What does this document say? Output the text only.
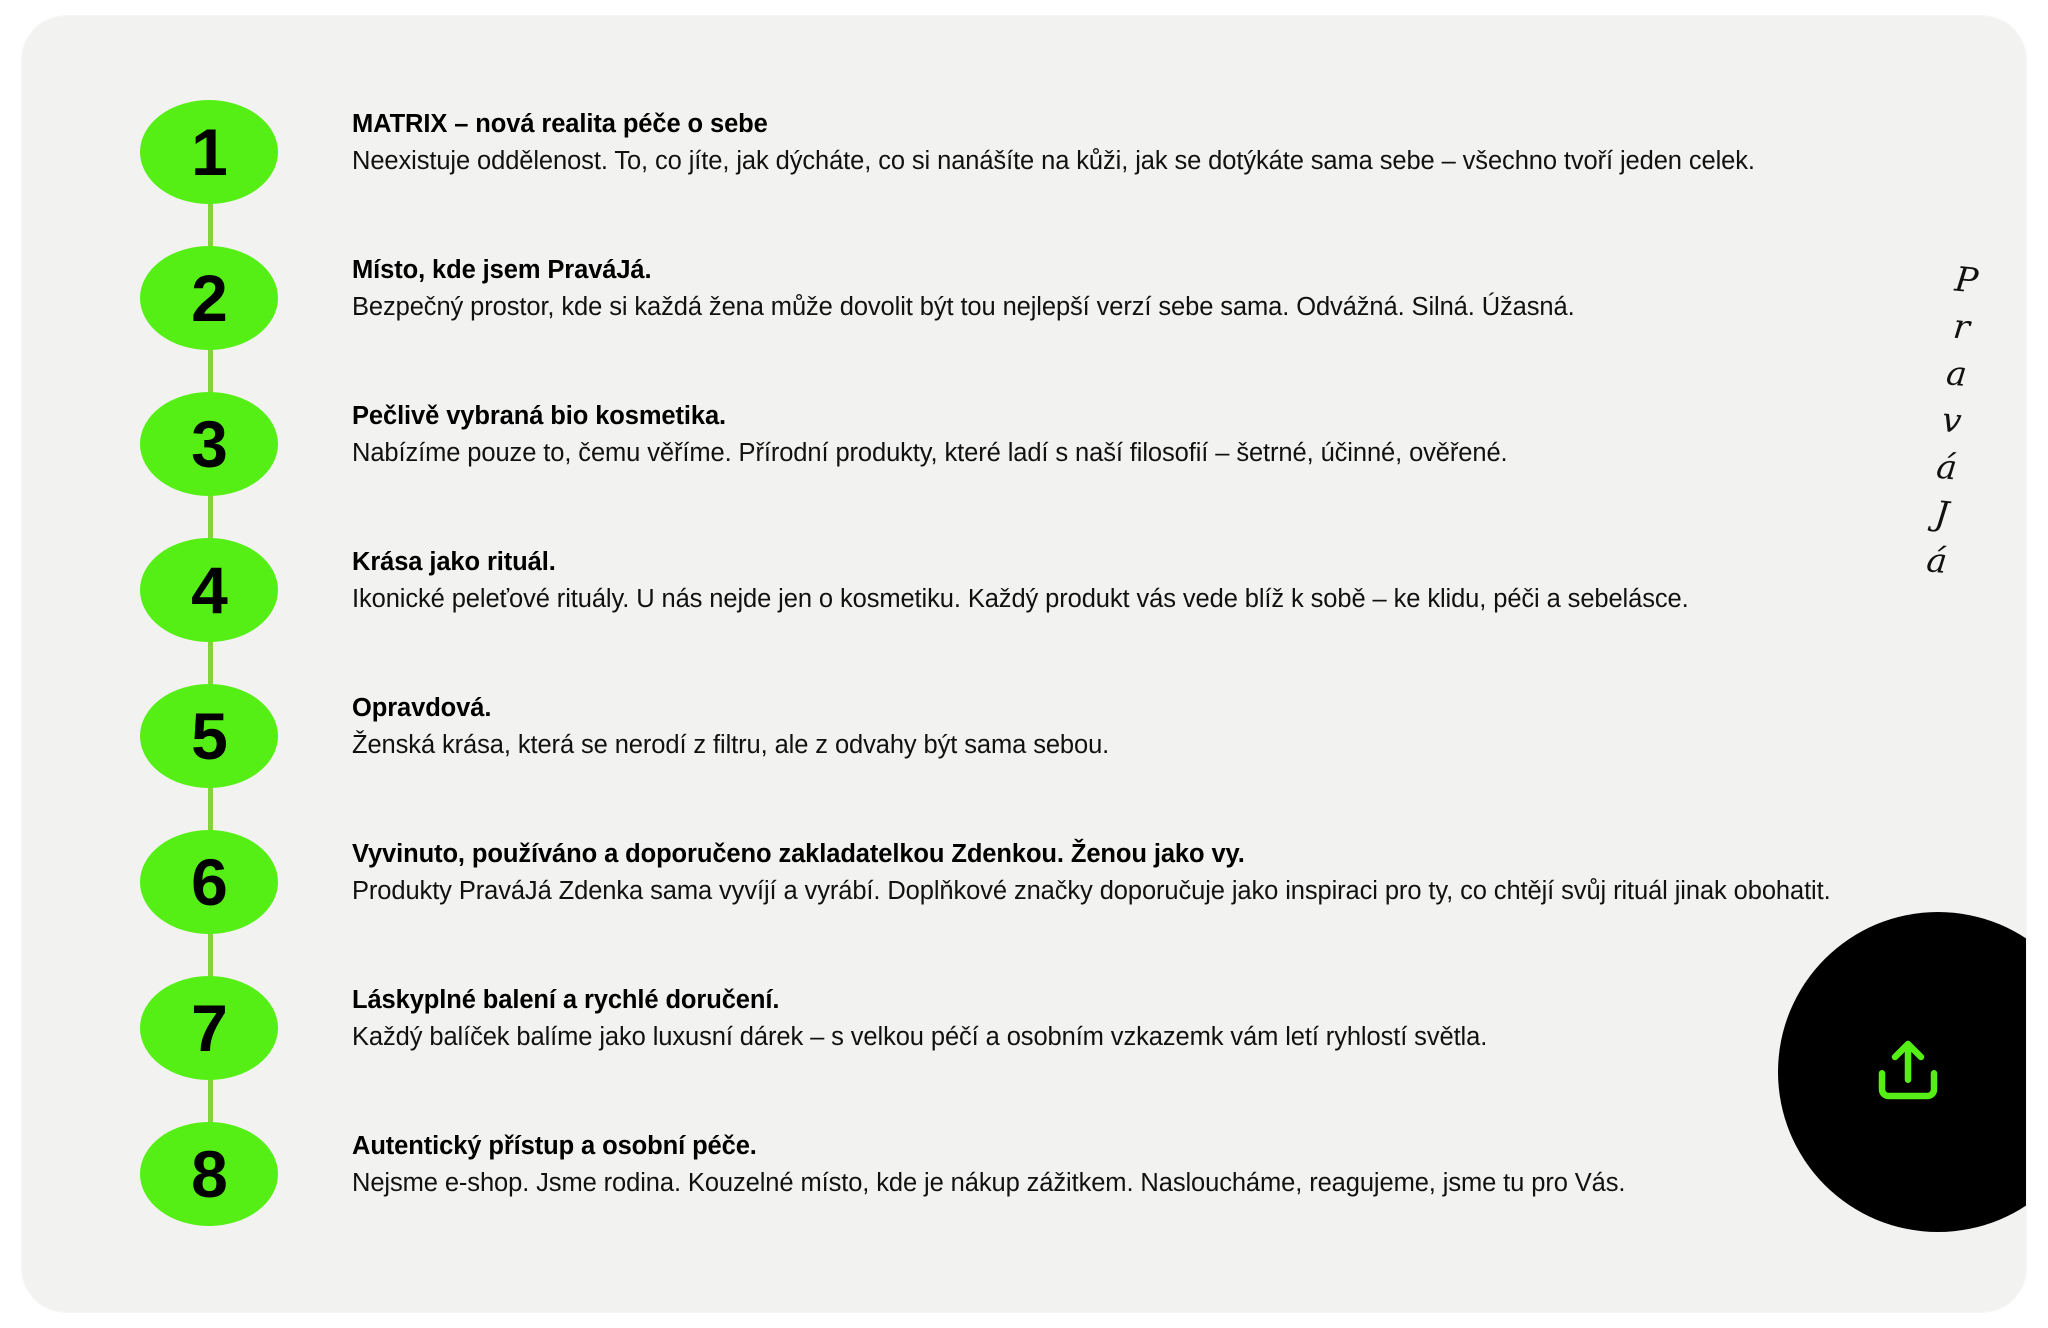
1	MATRIX – nová realita péče o sebe
Neexistuje oddělenost. To, co jíte, jak dýcháte, co si nanášíte na kůži, jak se dotýkáte sama sebe – všechno tvoří jeden celek.
2	Místo, kde jsem PraváJá.
Bezpečný prostor, kde si každá žena může dovolit být tou nejlepší verzí sebe sama. Odvážná. Silná. Úžasná.
3	Pečlivě vybraná bio kosmetika.
Nabízíme pouze to, čemu věříme. Přírodní produkty, které ladí s naší filosofií – šetrné, účinné, ověřené.
4	Krása jako rituál.
Ikonické peleťové rituály. U nás nejde jen o kosmetiku. Každý produkt vás vede blíž k sobě – ke klidu, péči a sebelásce.
5	Opravdová.
Ženská krása, která se nerodí z filtru, ale z odvahy být sama sebou.
6	Vyvinuto, používáno a doporučeno zakladatelkou Zdenkou. Ženou jako vy.
Produkty PraváJá Zdenka sama vyvíjí a vyrábí. Doplňkové značky doporučuje jako inspiraci pro ty, co chtějí svůj rituál jinak obohatit.
7	Láskyplné balení a rychlé doručení.
Každý balíček balíme jako luxusní dárek – s velkou péčí a osobním vzkazemk vám letí ryhlostí světla.
8	Autentický přístup a osobní péče.
Nejsme e-shop. Jsme rodina. Kouzelné místo, kde je nákup zážitkem. Nasloucháme, reagujeme, jsme tu pro Vás.
PraváJá
